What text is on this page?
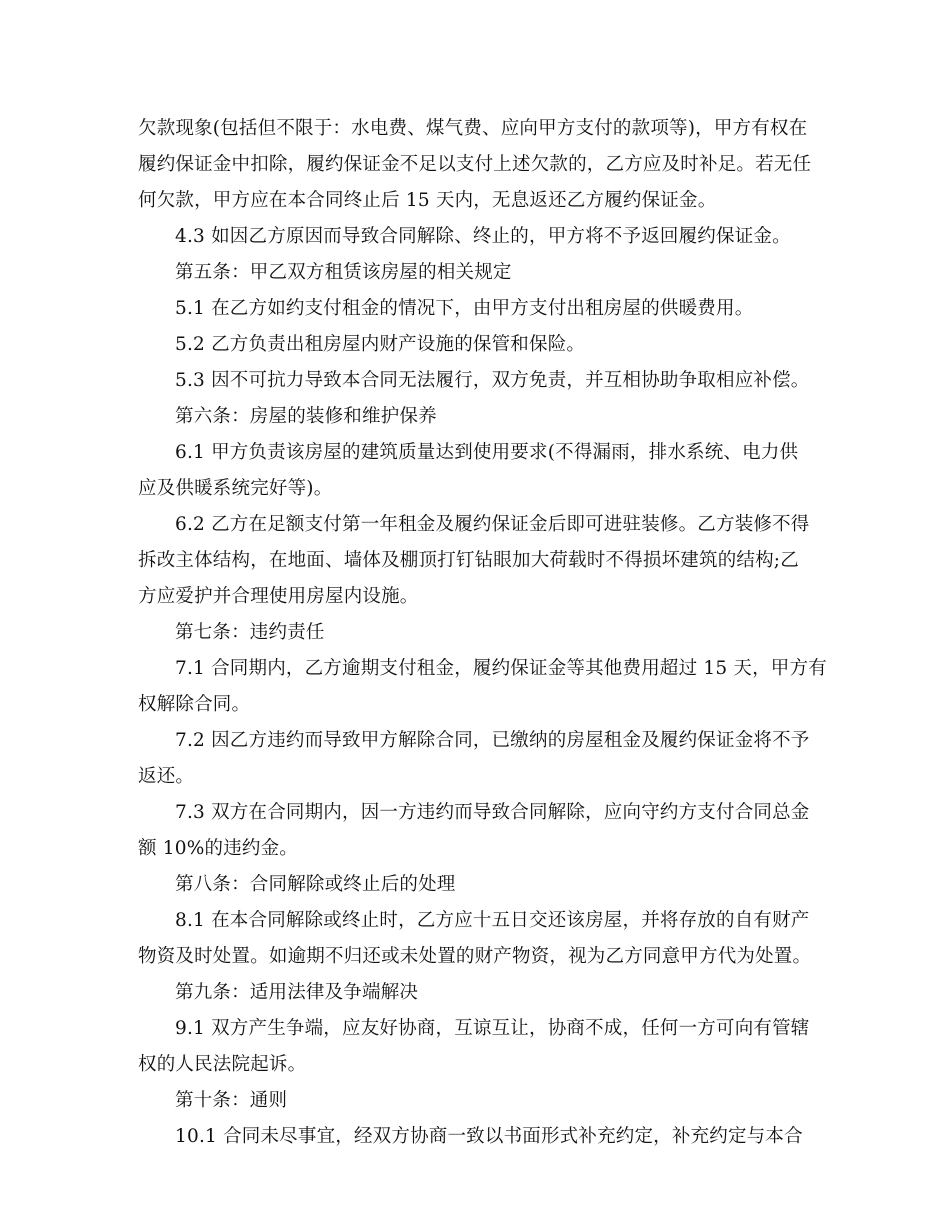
欠款现象(包括但不限于：水电费、煤气费、应向甲方支付的款项等)，甲方有权在
履约保证金中扣除，履约保证金不足以支付上述欠款的，乙方应及时补足。若无任
何欠款，甲方应在本合同终止后 15 天内，无息返还乙方履约保证金。
4.3 如因乙方原因而导致合同解除、终止的，甲方将不予返回履约保证金。
第五条：甲乙双方租赁该房屋的相关规定
5.1 在乙方如约支付租金的情况下，由甲方支付出租房屋的供暖费用。
5.2 乙方负责出租房屋内财产设施的保管和保险。
5.3 因不可抗力导致本合同无法履行，双方免责，并互相协助争取相应补偿。
第六条：房屋的装修和维护保养
6.1 甲方负责该房屋的建筑质量达到使用要求(不得漏雨，排水系统、电力供
应及供暖系统完好等)。
6.2 乙方在足额支付第一年租金及履约保证金后即可进驻装修。乙方装修不得
拆改主体结构，在地面、墙体及棚顶打钉钻眼加大荷载时不得损坏建筑的结构;乙
方应爱护并合理使用房屋内设施。
第七条：违约责任
7.1 合同期内，乙方逾期支付租金，履约保证金等其他费用超过 15 天，甲方有
权解除合同。
7.2 因乙方违约而导致甲方解除合同，已缴纳的房屋租金及履约保证金将不予
返还。
7.3 双方在合同期内，因一方违约而导致合同解除，应向守约方支付合同总金
额 10%的违约金。
第八条：合同解除或终止后的处理
8.1 在本合同解除或终止时，乙方应十五日交还该房屋，并将存放的自有财产
物资及时处置。如逾期不归还或未处置的财产物资，视为乙方同意甲方代为处置。
第九条：适用法律及争端解决
9.1 双方产生争端，应友好协商，互谅互让，协商不成，任何一方可向有管辖
权的人民法院起诉。
第十条：通则
10.1 合同未尽事宜，经双方协商一致以书面形式补充约定，补充约定与本合
